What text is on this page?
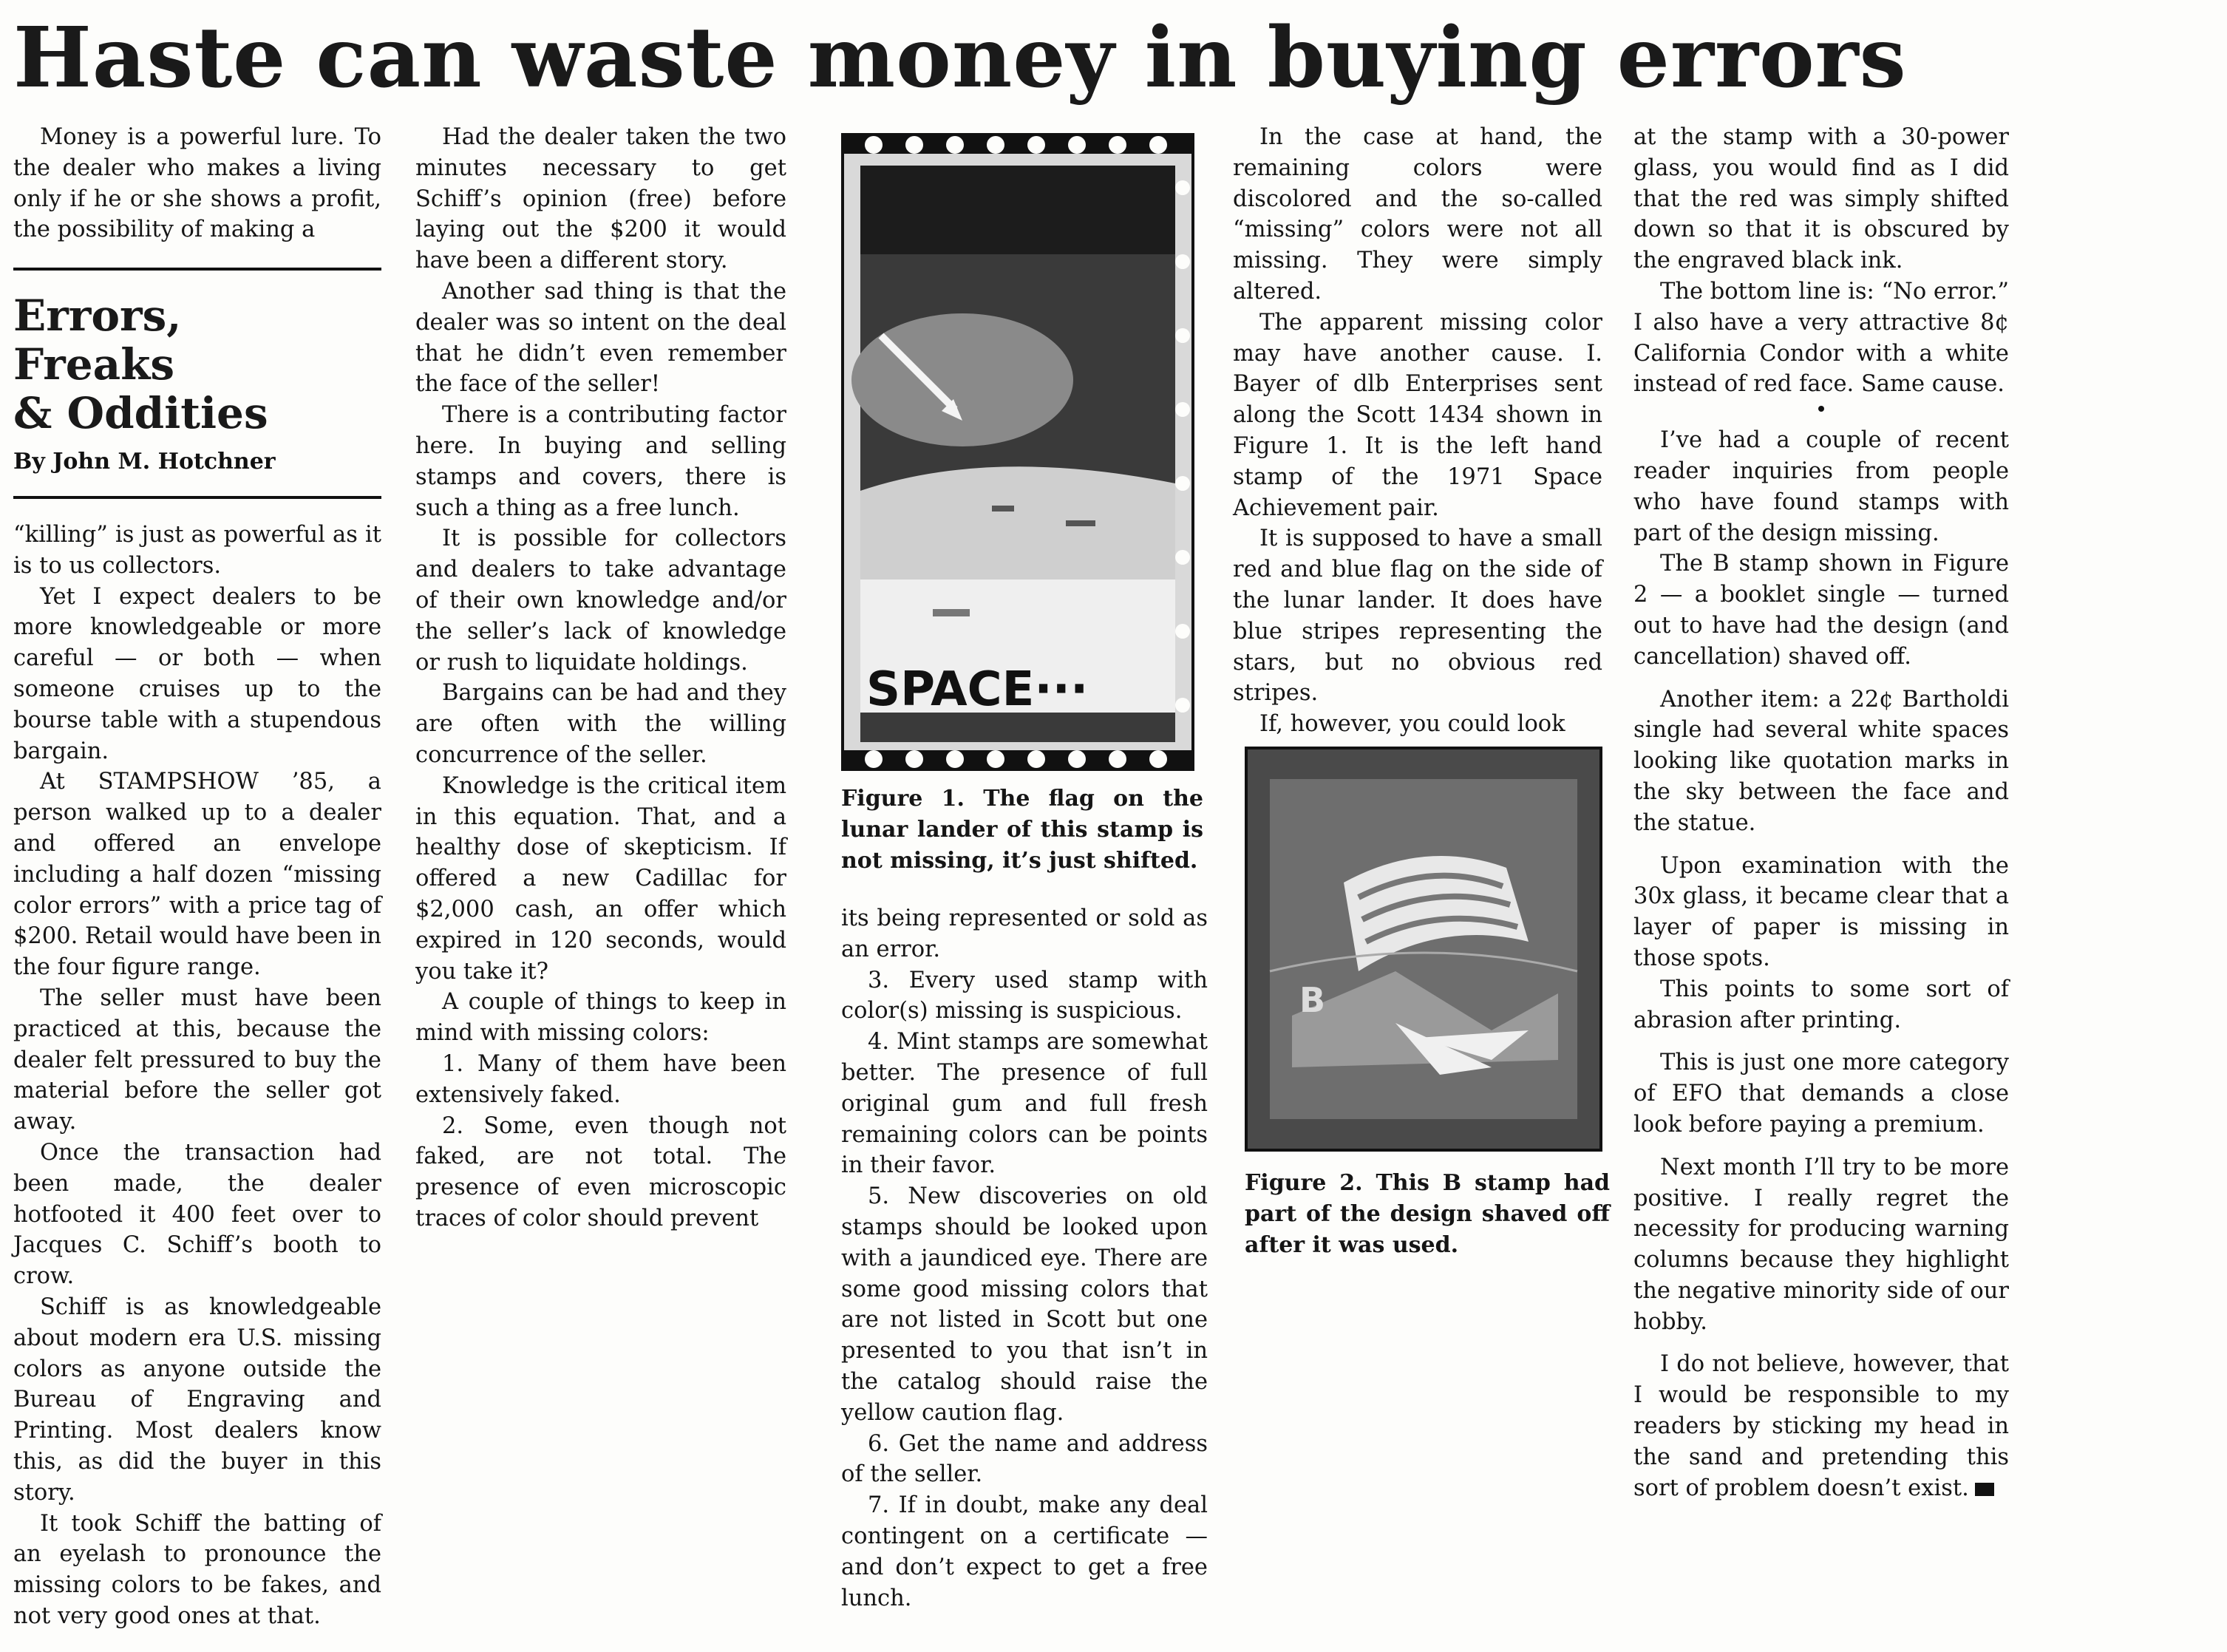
Haste can waste money in buying errors

Money is a powerful lure. To the dealer who makes a living only if he or she shows a profit, the possibility of making a

Errors,
Freaks
& Oddities
By John M. Hotchner

“killing” is just as powerful as it is to us collectors.

Yet I expect dealers to be more knowledgeable or more careful — or both — when someone cruises up to the bourse table with a stupendous bargain.

At STAMPSHOW ’85, a person walked up to a dealer and offered an envelope including a half dozen “missing color errors” with a price tag of $200. Retail would have been in the four figure range.

The seller must have been practiced at this, because the dealer felt pressured to buy the material before the seller got away.

Once the transaction had been made, the dealer hotfooted it 400 feet over to Jacques C. Schiff’s booth to crow.

Schiff is as knowledgeable about modern era U.S. missing colors as anyone outside the Bureau of Engraving and Printing. Most dealers know this, as did the buyer in this story.

It took Schiff the batting of an eyelash to pronounce the missing colors to be fakes, and not very good ones at that.

Had the dealer taken the two minutes necessary to get Schiff’s opinion (free) before laying out the $200 it would have been a different story.

Another sad thing is that the dealer was so intent on the deal that he didn’t even remember the face of the seller!

There is a contributing factor here. In buying and selling stamps and covers, there is such a thing as a free lunch.

It is possible for collectors and dealers to take advantage of their own knowledge and/or the seller’s lack of knowledge or rush to liquidate holdings.

Bargains can be had and they are often with the willing concurrence of the seller.

Knowledge is the critical item in this equation. That, and a healthy dose of skepticism. If offered a new Cadillac for $2,000 cash, an offer which expired in 120 seconds, would you take it?

A couple of things to keep in mind with missing colors:

1. Many of them have been extensively faked.

2. Some, even though not faked, are not total. The presence of even microscopic traces of color should prevent

SPACE···
Figure 1. The flag on the lunar lander of this stamp is not missing, it’s just shifted.

its being represented or sold as an error.

3. Every used stamp with color(s) missing is suspicious.

4. Mint stamps are somewhat better. The presence of full original gum and full fresh remaining colors can be points in their favor.

5. New discoveries on old stamps should be looked upon with a jaundiced eye. There are some good missing colors that are not listed in Scott but one presented to you that isn’t in the catalog should raise the yellow caution flag.

6. Get the name and address of the seller.

7. If in doubt, make any deal contingent on a certificate — and don’t expect to get a free lunch.

In the case at hand, the remaining colors were discolored and the so-called “missing” colors were not all missing. They were simply altered.

The apparent missing color may have another cause. I. Bayer of dlb Enterprises sent along the Scott 1434 shown in Figure 1. It is the left hand stamp of the 1971 Space Achievement pair.

It is supposed to have a small red and blue flag on the side of the lunar lander. It does have blue stripes representing the stars, but no obvious red stripes.

If, however, you could look

B
Figure 2. This B stamp had part of the design shaved off after it was used.

at the stamp with a 30-power glass, you would find as I did that the red was simply shifted down so that it is obscured by the engraved black ink.

The bottom line is: “No error.” I also have a very attractive 8¢ California Condor with a white instead of red face. Same cause.

I’ve had a couple of recent reader inquiries from people who have found stamps with part of the design missing.

The B stamp shown in Figure 2 — a booklet single — turned out to have had the design (and cancellation) shaved off.

Another item: a 22¢ Bartholdi single had several white spaces looking like quotation marks in the sky between the face and the statue.

Upon examination with the 30x glass, it became clear that a layer of paper is missing in those spots.

This points to some sort of abrasion after printing.

This is just one more category of EFO that demands a close look before paying a premium.

Next month I’ll try to be more positive. I really regret the necessity for producing warning columns because they highlight the negative minority side of our hobby.

I do not believe, however, that I would be responsible to my readers by sticking my head in the sand and pretending this sort of problem doesn’t exist.
